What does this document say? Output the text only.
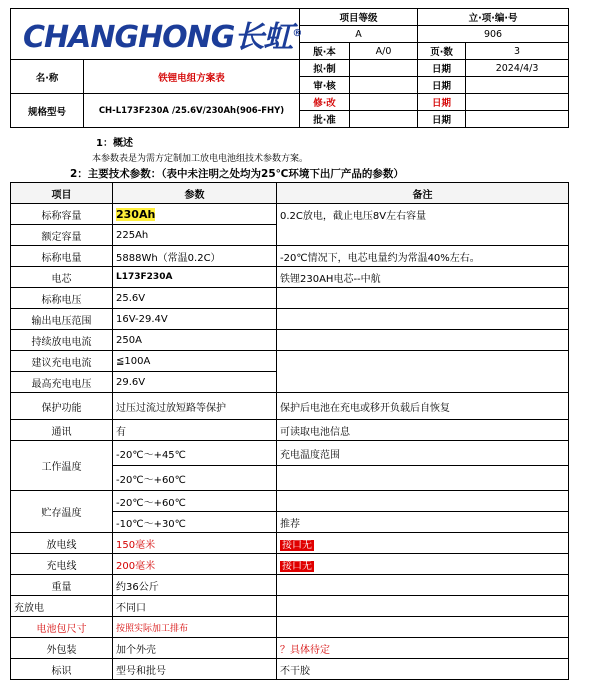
CHANGHONG长虹®		项目等级		立·项·编·号	
		A		906	
		版·本	A/0	页·数	3
名·称	铁锂电组方案表	拟·制		日期	2024/4/3
		审·核		日期	
规格型号	CH-L173F230A /25.6V/230Ah(906-FHY)	修·改		日期	
		批·准		日期	
1：概述
本参数表是为需方定制加工放电电池组技术参数方案。
2：主要技术参数：（表中未注明之处均为25℃环境下出厂产品的参数）
项目	参数	备注
标称容量	230Ah	0.2C放电，截止电压8V左右容量
额定容量	225Ah	
标称电量	5888Wh（常温0.2C）	-20℃情况下，电芯电量约为常温40%左右。
电芯	L173F230A	铁锂230AH电芯--中航
标称电压	25.6V	
输出电压范围	16V-29.4V	
持续放电电流	250A	
建议充电电流	≦100A	
最高充电电压	29.6V	
保护功能	过压过流过放短路等保护	保护后电池在充电或移开负载后自恢复
通讯	有	可读取电池信息
工作温度	-20℃～+45℃	充电温度范围
	-20℃～+60℃	
贮存温度	-20℃～+60℃	
	-10℃～+30℃	推荐
放电线	150毫米	接口无
充电线	200毫米	接口无
重量	约36公斤	
充放电	不同口	
电池包尺寸	按照实际加工排布	
外包装	加个外壳	？具体待定
标识	型号和批号	不干胶
